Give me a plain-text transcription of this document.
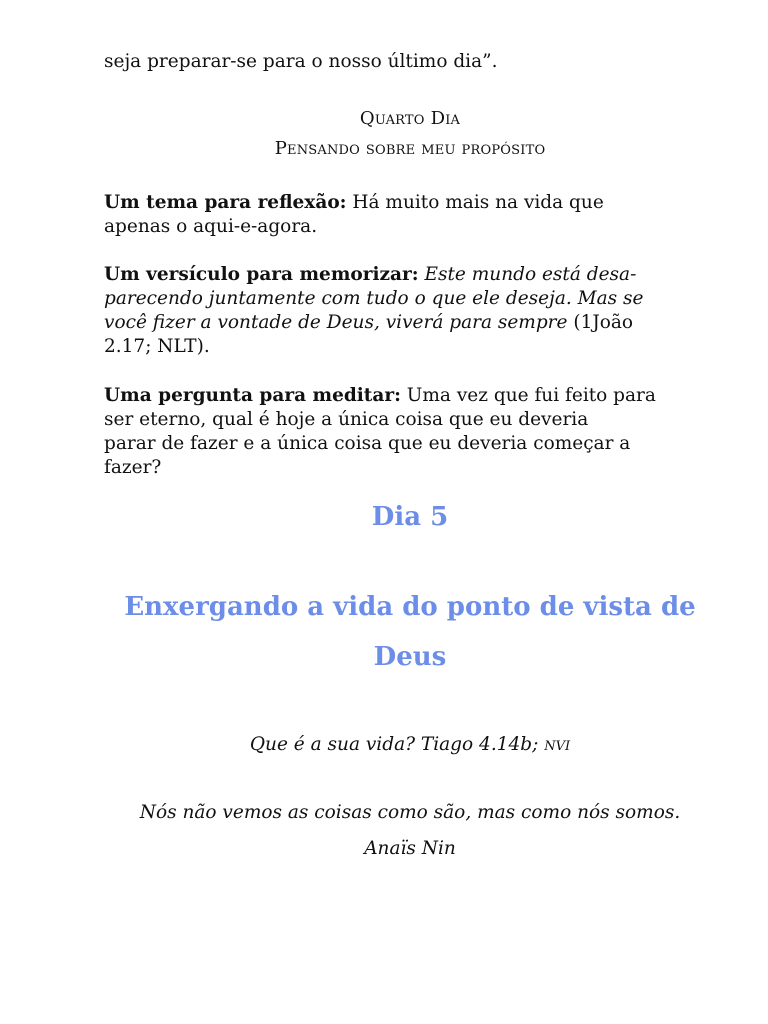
seja preparar-se para o nosso último dia”.

Quarto Dia
Pensando sobre meu propósito
Um tema para reflexão: Há muito mais na vida que
apenas o aqui-e-agora.
Um versículo para memorizar: Este mundo está desa-
parecendo juntamente com tudo o que ele deseja. Mas se
você fizer a vontade de Deus, viverá para sempre (1João
2.17; NLT).
Uma pergunta para meditar: Uma vez que fui feito para
ser eterno, qual é hoje a única coisa que eu deveria
parar de fazer e a única coisa que eu deveria começar a
fazer?
Dia 5
Enxergando a vida do ponto de vista de
Deus
Que é a sua vida? Tiago 4.14b; NVI
Nós não vemos as coisas como são, mas como nós somos.
Anaïs Nin
